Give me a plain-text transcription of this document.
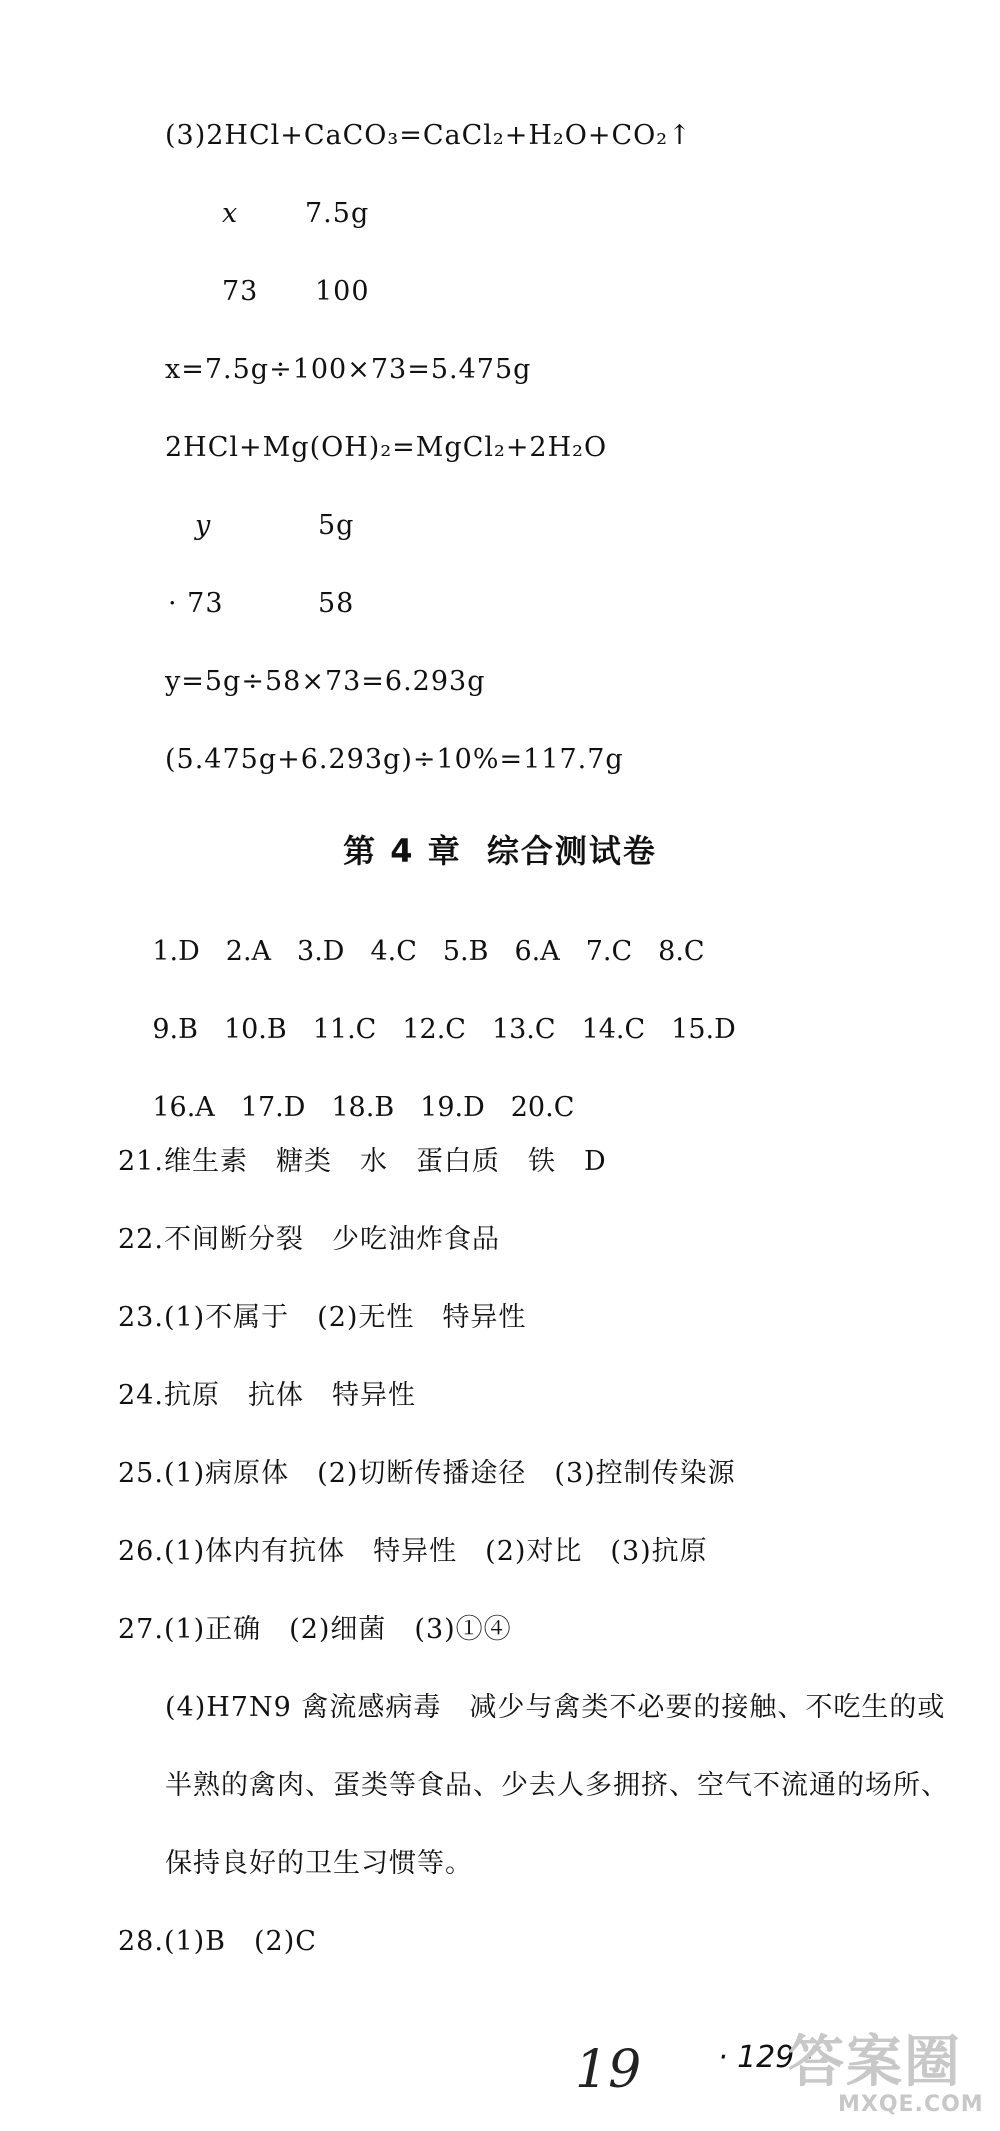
(3)2HCl+CaCO₃=CaCl₂+H₂O+CO₂↑
x 7.5g
73 100
x=7.5g÷100×73=5.475g
2HCl+Mg(OH)₂=MgCl₂+2H₂O
y	5g
· 73	58
y=5g÷58×73=6.293g
(5.475g+6.293g)÷10%=117.7g
第 4 章 综合测试卷

1.D 2.A 3.D 4.C 5.B 6.A 7.C 8.C

9.B 10.B 11.C 12.C 13.C 14.C 15.D

16.A 17.D 18.B 19.D 20.C

21.维生素　糖类　水　蛋白质　铁　D
22.不间断分裂　少吃油炸食品
23.(1)不属于　(2)无性　特异性
24.抗原　抗体　特异性
25.(1)病原体　(2)切断传播途径　(3)控制传染源
26.(1)体内有抗体　特异性　(2)对比　(3)抗原
27.(1)正确　(2)细菌　(3)①④
(4)H7N9 禽流感病毒　减少与禽类不必要的接触、不吃生的或
半熟的禽肉、蛋类等食品、少去人多拥挤、空气不流通的场所、
保持良好的卫生习惯等。
28.(1)B　(2)C
19	· 129 ·
答案圈
MXQE.COM
